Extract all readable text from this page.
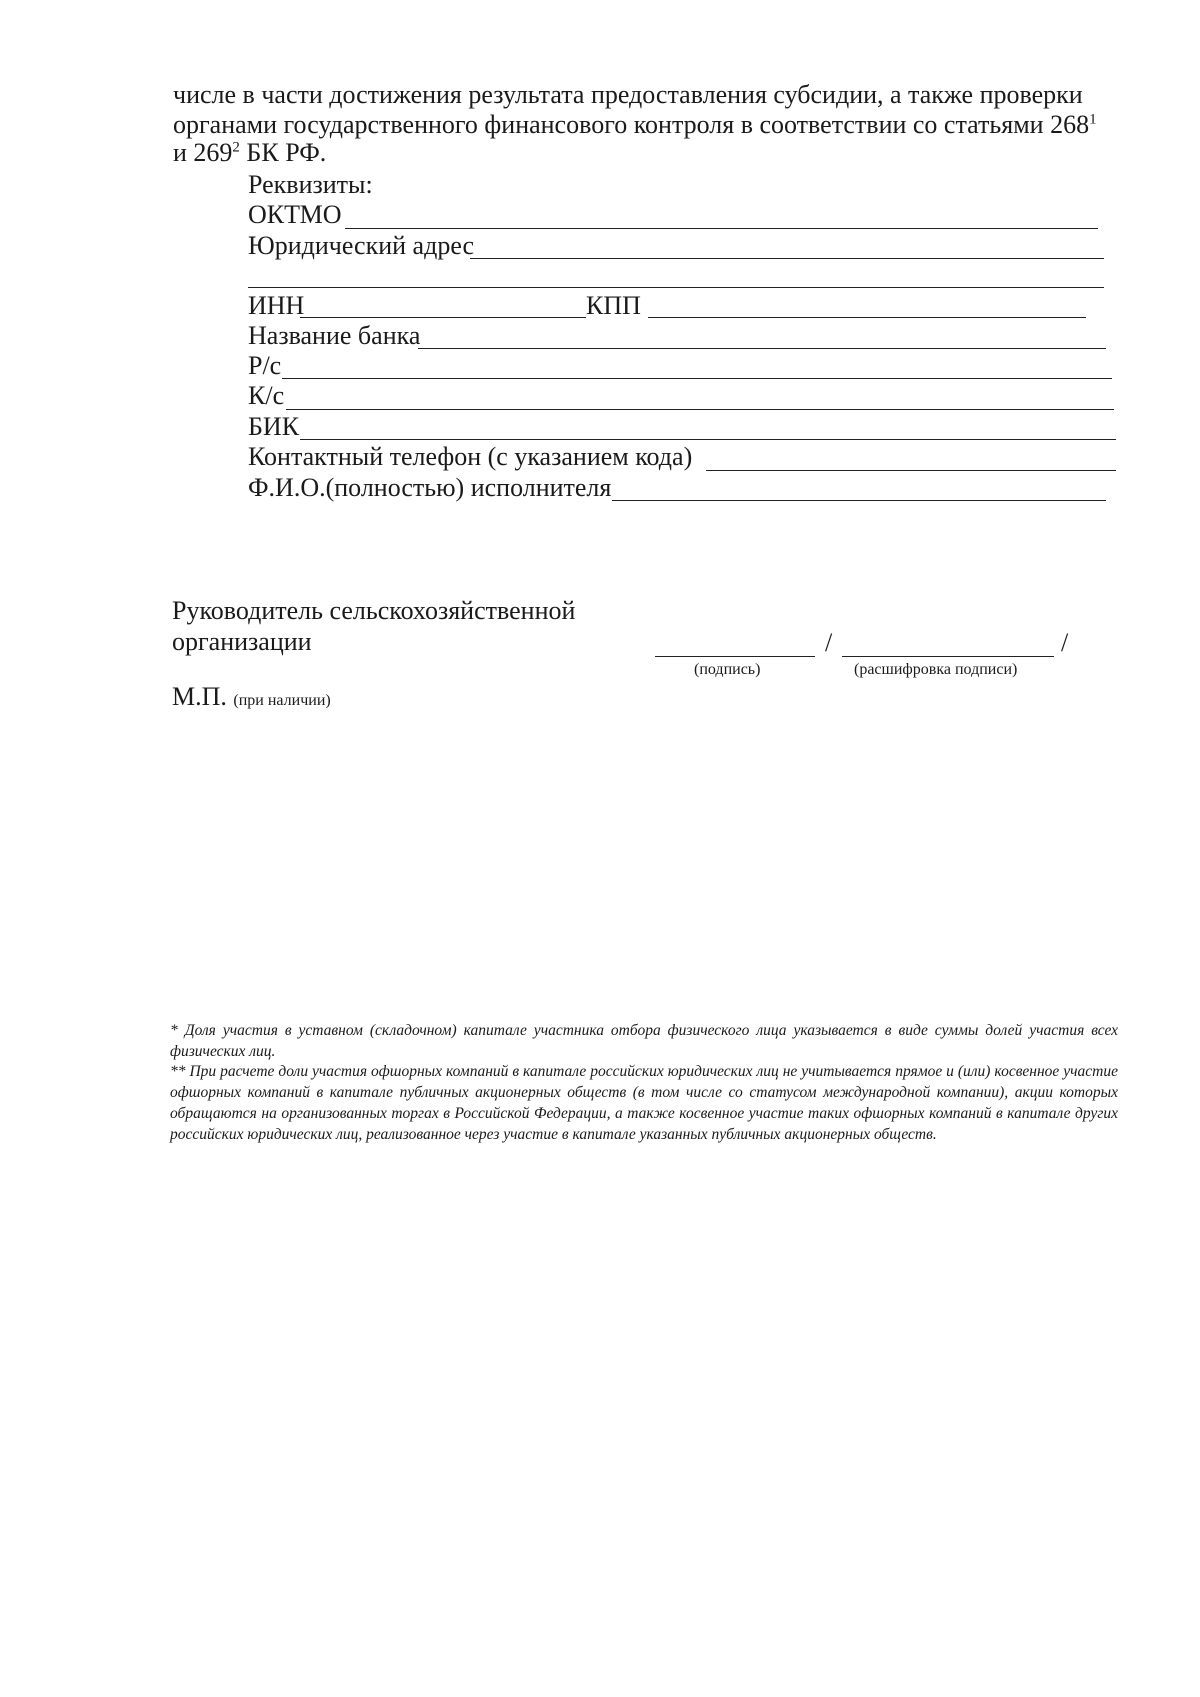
числе в части достижения результата предоставления субсидии, а также проверки
органами государственного финансового контроля в соответствии со статьями $268^1$
и $269^2$ БК РФ.
Реквизиты:
ОКТМО
Юридический адрес
ИНН	КПП
Название банка
Р/с
К/с
БИК
Контактный телефон (с указанием кода)
Ф.И.О.(полностью) исполнителя
Руководитель сельскохозяйственной
организации	/	/
(подпись)	(расшифровка подписи)
М.П. (при наличии)
* Доля участия в уставном (складочном) капитале участника отбора физического лица указывается в виде суммы долей участия всех физических лиц.
** При расчете доли участия офшорных компаний в капитале российских юридических лиц не учитывается прямое и (или) косвенное участие офшорных компаний в капитале публичных акционерных обществ (в том числе со статусом международной компании), акции которых обращаются на организованных торгах в Российской Федерации, а также косвенное участие таких офшорных компаний в капитале других российских юридических лиц, реализованное через участие в капитале указанных публичных акционерных обществ.
